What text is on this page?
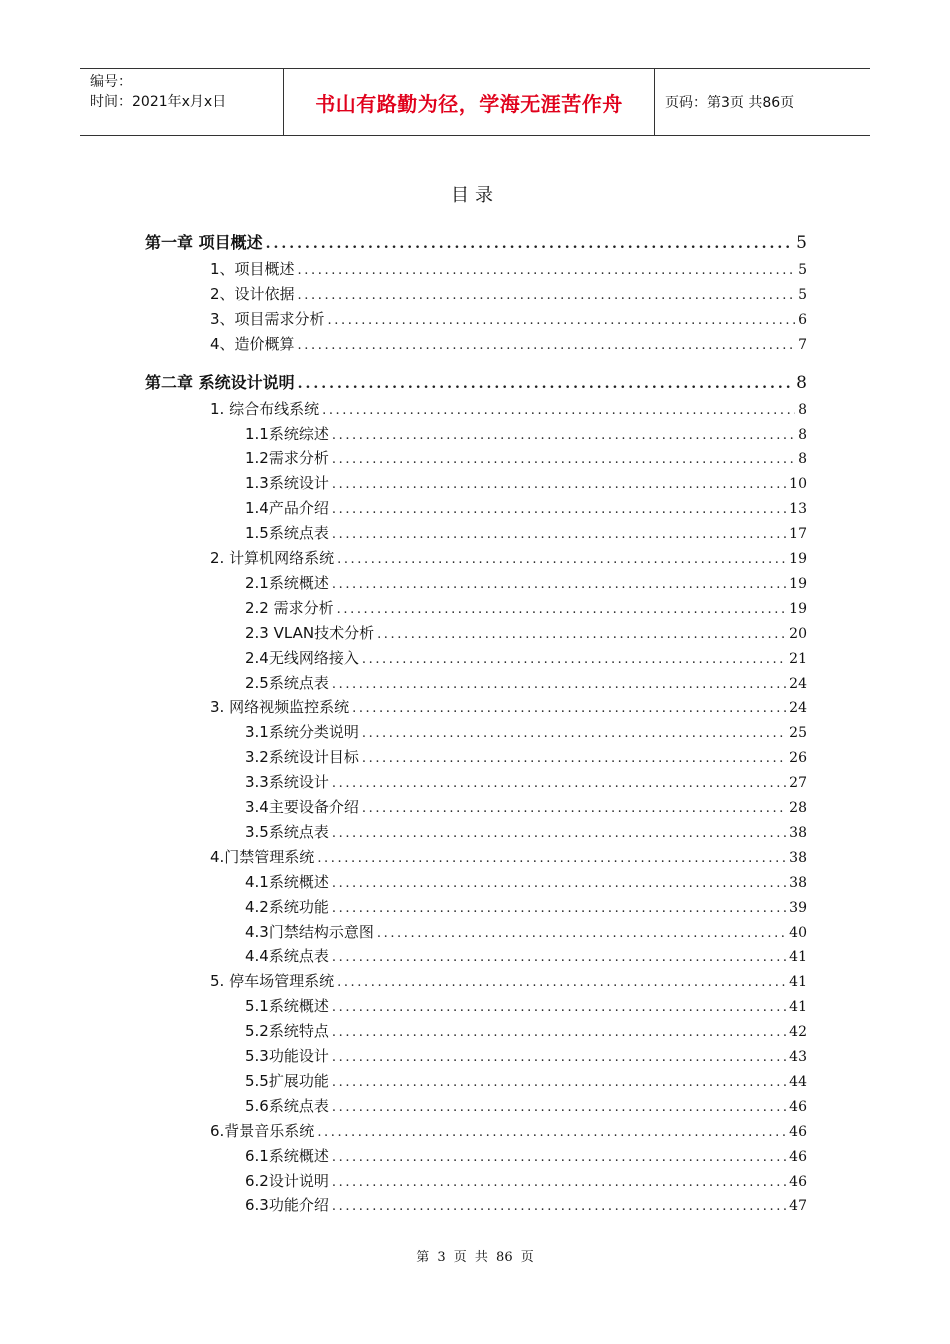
编号：
时间：2021年x月x日	书山有路勤为径，学海无涯苦作舟	页码：第3页 共86页
目录
第一章 项目概述 .....	5
1、项目概述 .....	5
2、设计依据 .....	5
3、项目需求分析 .....	6
4、造价概算 .....	7
第二章 系统设计说明 .....	8
1. 综合布线系统 .....	8
1.1系统综述 .....	8
1.2需求分析 .....	8
1.3系统设计 .....	10
1.4产品介绍 .....	13
1.5系统点表 .....	17
2. 计算机网络系统 .....	19
2.1系统概述 .....	19
2.2 需求分析 .....	19
2.3 VLAN技术分析 .....	20
2.4无线网络接入 .....	21
2.5系统点表 .....	24
3. 网络视频监控系统 .....	24
3.1系统分类说明 .....	25
3.2系统设计目标 .....	26
3.3系统设计 .....	27
3.4主要设备介绍 .....	28
3.5系统点表 .....	38
4.门禁管理系统 .....	38
4.1系统概述 .....	38
4.2系统功能 .....	39
4.3门禁结构示意图 .....	40
4.4系统点表 .....	41
5. 停车场管理系统 .....	41
5.1系统概述 .....	41
5.2系统特点 .....	42
5.3功能设计 .....	43
5.5扩展功能 .....	44
5.6系统点表 .....	46
6.背景音乐系统 .....	46
6.1系统概述 .....	46
6.2设计说明 .....	46
6.3功能介绍 .....	47
第 3 页 共 86 页
